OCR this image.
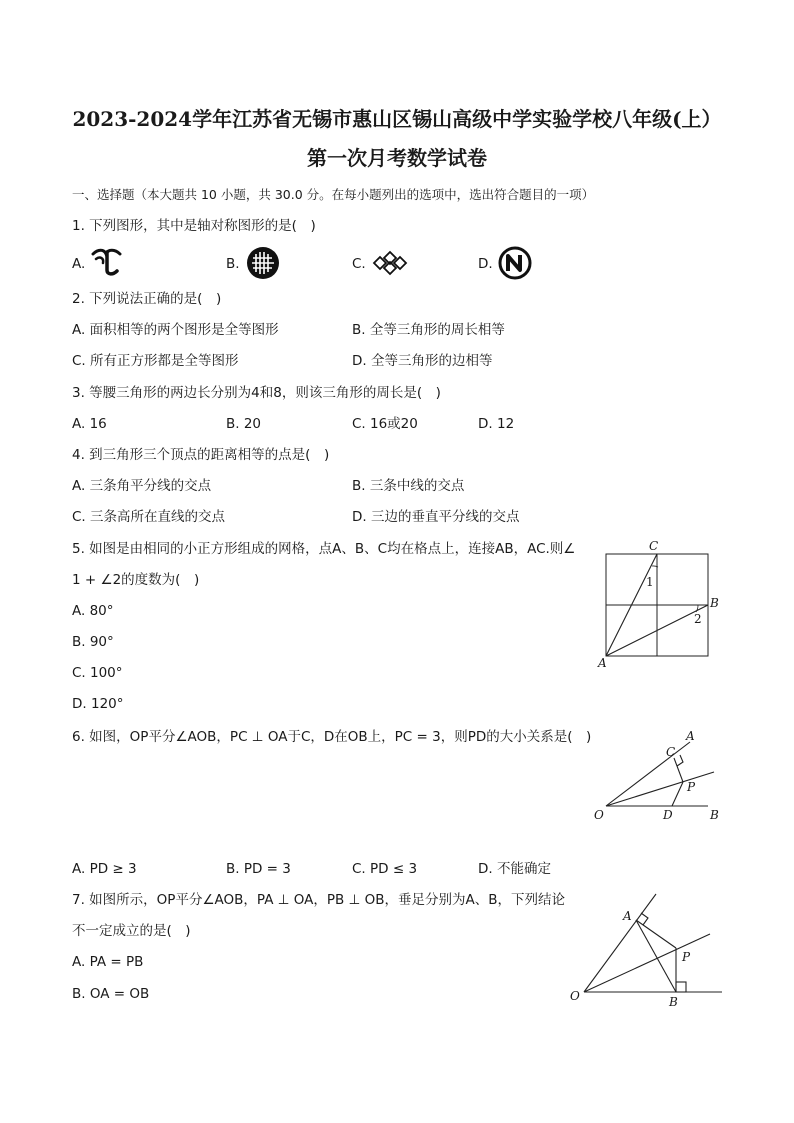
2023-2024学年江苏省无锡市惠山区锡山高级中学实验学校八年级(上）
第一次月考数学试卷
一、选择题（本大题共 10 小题，共 30.0 分。在每小题列出的选项中，选出符合题目的一项）
1. 下列图形，其中是轴对称图形的是(　)
A.	B.	C.	D.
2. 下列说法正确的是(　)
A. 面积相等的两个图形是全等图形	B. 全等三角形的周长相等
C. 所有正方形都是全等图形	D. 全等三角形的边相等
3. 等腰三角形的两边长分别为4和8，则该三角形的周长是(　)
A. 16	B. 20	C. 16或20	D. 12
4. 到三角形三个顶点的距离相等的点是(　)
A. 三条角平分线的交点	B. 三条中线的交点
C. 三条高所在直线的交点	D. 三边的垂直平分线的交点
5. 如图是由相同的小正方形组成的网格，点A、B、C均在格点上，连接AB，AC.则∠
1 + ∠2的度数为(　)
A. 80°
B. 90°
C. 100°
D. 120°
C
B
A
1
2
6. 如图，OP平分∠AOB，PC ⊥ OA于C，D在OB上，PC = 3，则PD的大小关系是(　)	A
C
P
O	D	B
A. PD ≥ 3	B. PD = 3	C. PD ≤ 3	D. 不能确定
7. 如图所示，OP平分∠AOB，PA ⊥ OA，PB ⊥ OB，垂足分别为A、B，下列结论
不一定成立的是(　)
A. PA = PB
B. OA = OB
A
P
O	B
